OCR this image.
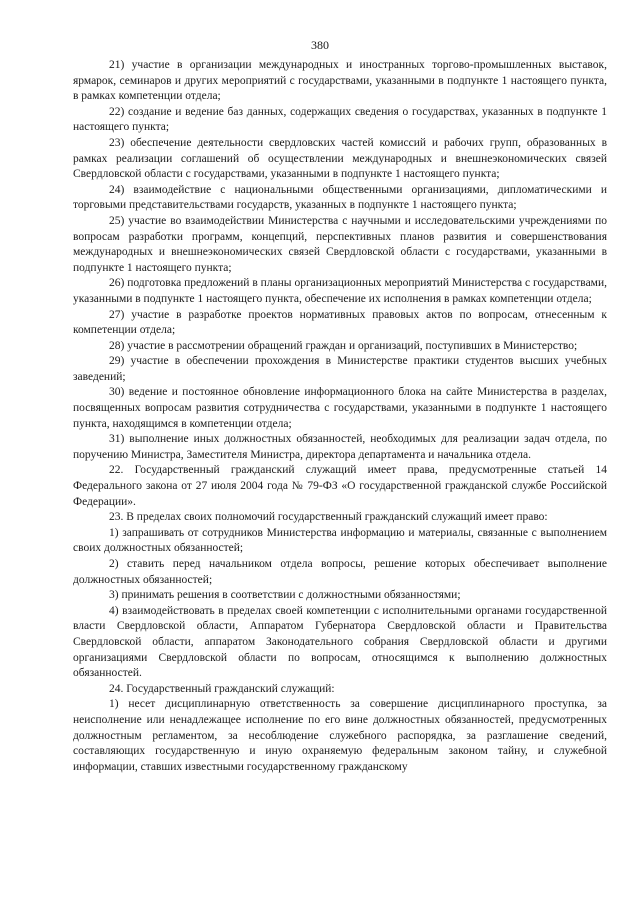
380

21) участие в организации международных и иностранных торгово-промышленных выставок, ярмарок, семинаров и других мероприятий с государствами, указанными в подпункте 1 настоящего пункта, в рамках компетенции отдела;

22) создание и ведение баз данных, содержащих сведения о государствах, указанных в подпункте 1 настоящего пункта;

23) обеспечение деятельности свердловских частей комиссий и рабочих групп, образованных в рамках реализации соглашений об осуществлении международных и внешнеэкономических связей Свердловской области с государствами, указанными в подпункте 1 настоящего пункта;

24) взаимодействие с национальными общественными организациями, дипломатическими и торговыми представительствами государств, указанных в подпункте 1 настоящего пункта;

25) участие во взаимодействии Министерства с научными и исследовательскими учреждениями по вопросам разработки программ, концепций, перспективных планов развития и совершенствования международных и внешнеэкономических связей Свердловской области с государствами, указанными в подпункте 1 настоящего пункта;

26) подготовка предложений в планы организационных мероприятий Министерства с государствами, указанными в подпункте 1 настоящего пункта, обеспечение их исполнения в рамках компетенции отдела;

27) участие в разработке проектов нормативных правовых актов по вопросам, отнесенным к компетенции отдела;

28) участие в рассмотрении обращений граждан и организаций, поступивших в Министерство;

29) участие в обеспечении прохождения в Министерстве практики студентов высших учебных заведений;

30) ведение и постоянное обновление информационного блока на сайте Министерства в разделах, посвященных вопросам развития сотрудничества с государствами, указанными в подпункте 1 настоящего пункта, находящимся в компетенции отдела;

31) выполнение иных должностных обязанностей, необходимых для реализации задач отдела, по поручению Министра, Заместителя Министра, директора департамента и начальника отдела.

22. Государственный гражданский служащий имеет права, предусмотренные статьей 14 Федерального закона от 27 июля 2004 года № 79-ФЗ «О государственной гражданской службе Российской Федерации».

23. В пределах своих полномочий государственный гражданский служащий имеет право:

1) запрашивать от сотрудников Министерства информацию и материалы, связанные с выполнением своих должностных обязанностей;

2) ставить перед начальником отдела вопросы, решение которых обеспечивает выполнение должностных обязанностей;

3) принимать решения в соответствии с должностными обязанностями;

4) взаимодействовать в пределах своей компетенции с исполнительными органами государственной власти Свердловской области, Аппаратом Губернатора Свердловской области и Правительства Свердловской области, аппаратом Законодательного собрания Свердловской области и другими организациями Свердловской области по вопросам, относящимся к выполнению должностных обязанностей.

24. Государственный гражданский служащий:

1) несет дисциплинарную ответственность за совершение дисциплинарного проступка, за неисполнение или ненадлежащее исполнение по его вине должностных обязанностей, предусмотренных должностным регламентом, за несоблюдение служебного распорядка, за разглашение сведений, составляющих государственную и иную охраняемую федеральным законом тайну, и служебной информации, ставших известными государственному гражданскому
